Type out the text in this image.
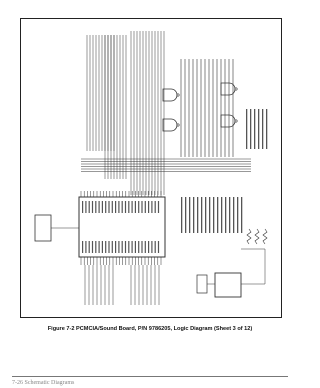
Figure 7-2 PCMCIA/Sound Board, P/N 9786205, Logic Diagram (Sheet 3 of 12)
7-26 Schematic Diagrams
